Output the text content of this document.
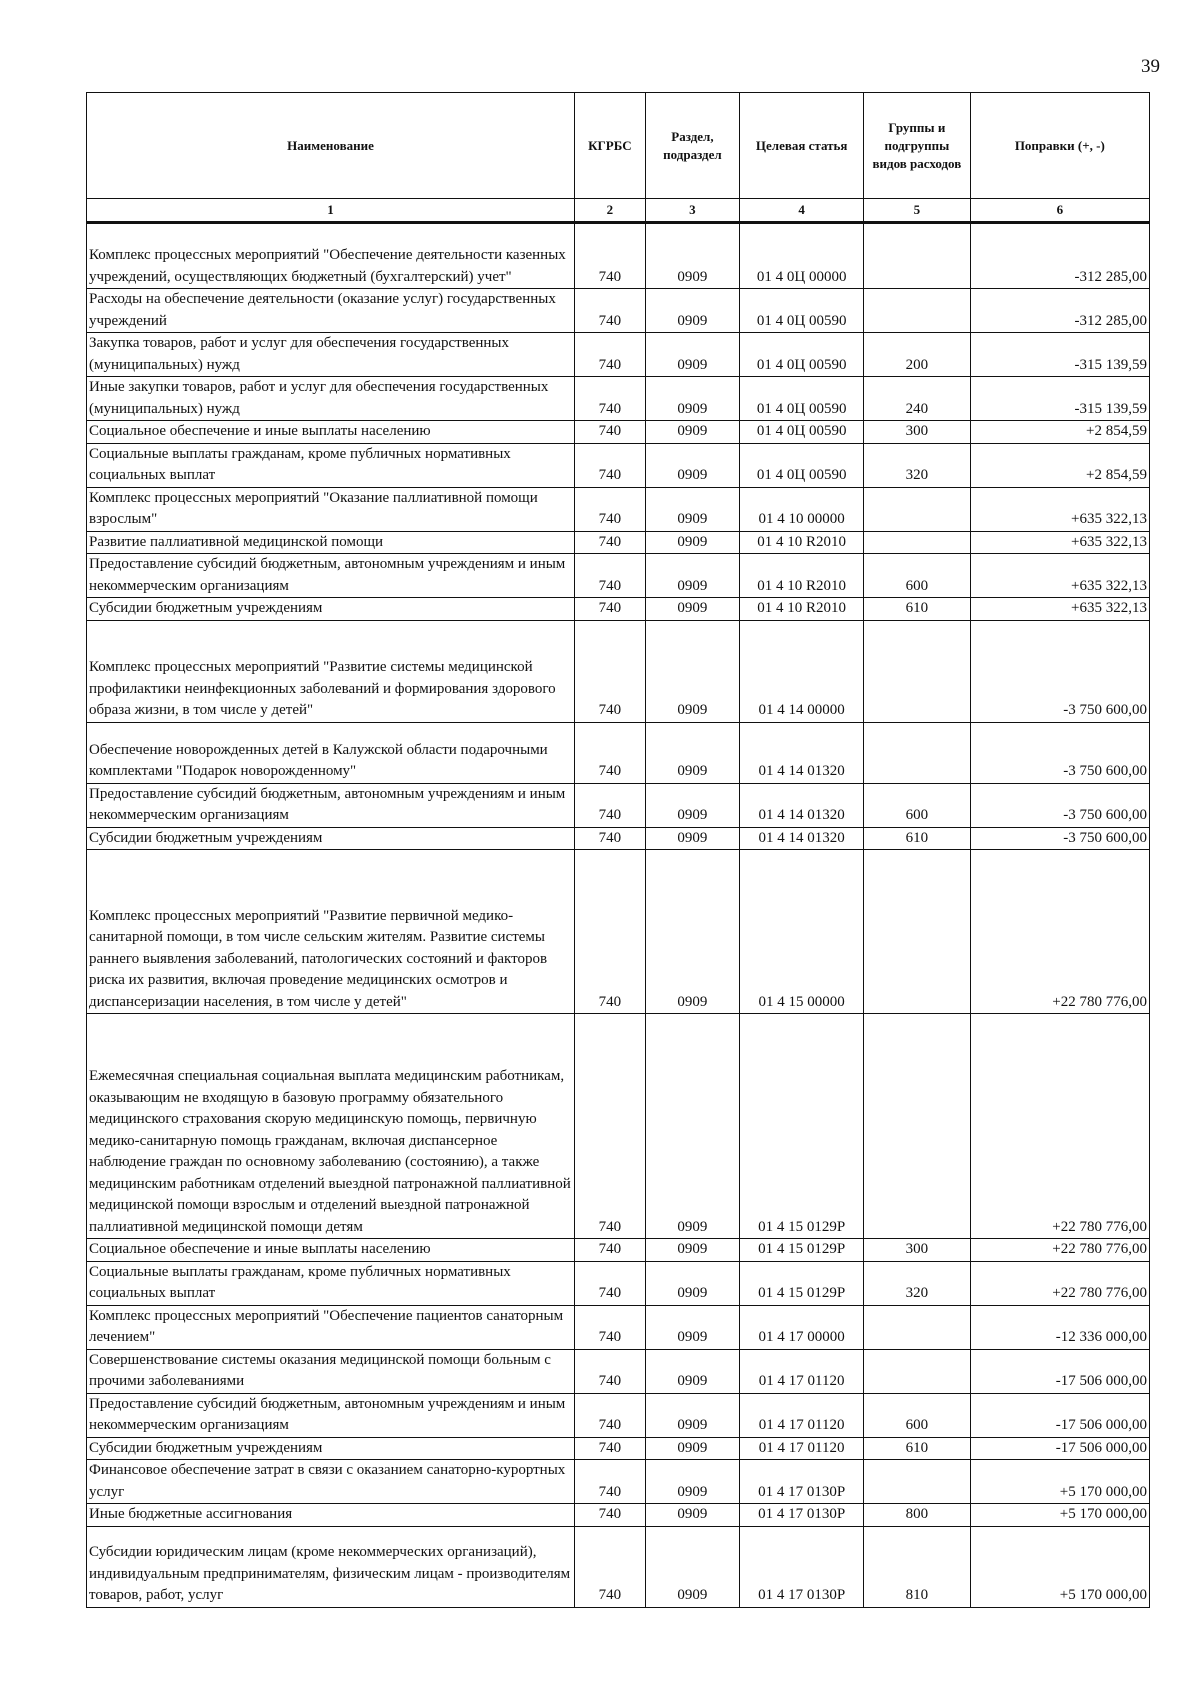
39
Наименование	КГРБС	Раздел, подраздел	Целевая статья	Группы и подгруппы видов расходов	Поправки (+, -)
1	2	3	4	5	6
Комплекс процессных мероприятий "Обеспечение деятельности казенных учреждений, осуществляющих бюджетный (бухгалтерский) учет"	740	0909	01 4 0Ц 00000		-312 285,00
Расходы на обеспечение деятельности (оказание услуг) государственных учреждений	740	0909	01 4 0Ц 00590		-312 285,00
Закупка товаров, работ и услуг для обеспечения государственных (муниципальных) нужд	740	0909	01 4 0Ц 00590	200	-315 139,59
Иные закупки товаров, работ и услуг для обеспечения государственных (муниципальных) нужд	740	0909	01 4 0Ц 00590	240	-315 139,59
Социальное обеспечение и иные выплаты населению	740	0909	01 4 0Ц 00590	300	+2 854,59
Социальные выплаты гражданам, кроме публичных нормативных социальных выплат	740	0909	01 4 0Ц 00590	320	+2 854,59
Комплекс процессных мероприятий "Оказание паллиативной помощи взрослым"	740	0909	01 4 10 00000		+635 322,13
Развитие паллиативной медицинской помощи	740	0909	01 4 10 R2010		+635 322,13
Предоставление субсидий бюджетным, автономным учреждениям и иным некоммерческим организациям	740	0909	01 4 10 R2010	600	+635 322,13
Субсидии бюджетным учреждениям	740	0909	01 4 10 R2010	610	+635 322,13
Комплекс процессных мероприятий "Развитие системы медицинской профилактики неинфекционных заболеваний и формирования здорового образа жизни, в том числе у детей"	740	0909	01 4 14 00000		-3 750 600,00
Обеспечение новорожденных детей в Калужской области подарочными комплектами "Подарок новорожденному"	740	0909	01 4 14 01320		-3 750 600,00
Предоставление субсидий бюджетным, автономным учреждениям и иным некоммерческим организациям	740	0909	01 4 14 01320	600	-3 750 600,00
Субсидии бюджетным учреждениям	740	0909	01 4 14 01320	610	-3 750 600,00
Комплекс процессных мероприятий "Развитие первичной медико-санитарной помощи, в том числе сельским жителям. Развитие системы раннего выявления заболеваний, патологических состояний и факторов риска их развития, включая проведение медицинских осмотров и диспансеризации населения, в том числе у детей"	740	0909	01 4 15 00000		+22 780 776,00
Ежемесячная специальная социальная выплата медицинским работникам, оказывающим не входящую в базовую программу обязательного медицинского страхования скорую медицинскую помощь, первичную медико-санитарную помощь гражданам, включая диспансерное наблюдение граждан по основному заболеванию (состоянию), а также медицинским работникам отделений выездной патронажной паллиативной медицинской помощи взрослым и отделений выездной патронажной паллиативной медицинской помощи детям	740	0909	01 4 15 0129Р		+22 780 776,00
Социальное обеспечение и иные выплаты населению	740	0909	01 4 15 0129Р	300	+22 780 776,00
Социальные выплаты гражданам, кроме публичных нормативных социальных выплат	740	0909	01 4 15 0129Р	320	+22 780 776,00
Комплекс процессных мероприятий "Обеспечение пациентов санаторным лечением"	740	0909	01 4 17 00000		-12 336 000,00
Совершенствование системы оказания медицинской помощи больным с прочими заболеваниями	740	0909	01 4 17 01120		-17 506 000,00
Предоставление субсидий бюджетным, автономным учреждениям и иным некоммерческим организациям	740	0909	01 4 17 01120	600	-17 506 000,00
Субсидии бюджетным учреждениям	740	0909	01 4 17 01120	610	-17 506 000,00
Финансовое обеспечение затрат в связи с оказанием санаторно-курортных услуг	740	0909	01 4 17 0130Р		+5 170 000,00
Иные бюджетные ассигнования	740	0909	01 4 17 0130Р	800	+5 170 000,00
Субсидии юридическим лицам (кроме некоммерческих организаций), индивидуальным предпринимателям, физическим лицам - производителям товаров, работ, услуг	740	0909	01 4 17 0130Р	810	+5 170 000,00
